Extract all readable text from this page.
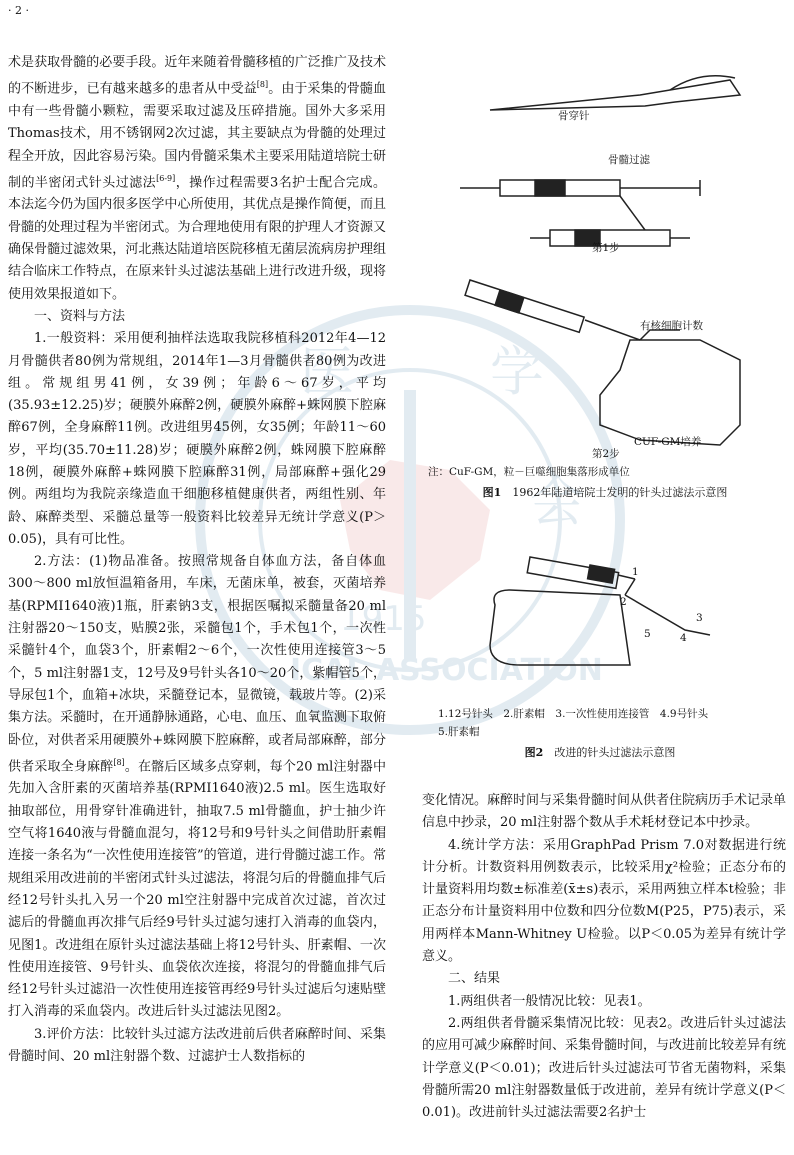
医	学
会
1915
ICAL ASSOCIATION
· 2 ·

术是获取骨髓的必要手段。近年来随着骨髓移植的广泛推广及技术的不断进步，已有越来越多的患者从中受益[8]。由于采集的骨髓血中有一些骨髓小颗粒，需要采取过滤及压碎措施。国外大多采用Thomas技术，用不锈钢网2次过滤，其主要缺点为骨髓的处理过程全开放，因此容易污染。国内骨髓采集术主要采用陆道培院士研制的半密闭式针头过滤法[6-9]，操作过程需要3名护士配合完成。本法迄今仍为国内很多医学中心所使用，其优点是操作简便，而且骨髓的处理过程为半密闭式。为合理地使用有限的护理人才资源又确保骨髓过滤效果，河北燕达陆道培医院移植无菌层流病房护理组结合临床工作特点，在原来针头过滤法基础上进行改进升级，现将使用效果报道如下。

一、资料与方法

1.一般资料：采用便利抽样法选取我院移植科2012年4—12月骨髓供者80例为常规组，2014年1—3月骨髓供者80例为改进组。常规组男41例，女39例；年龄6～67岁，平均(35.93±12.25)岁；硬膜外麻醉2例，硬膜外麻醉+蛛网膜下腔麻醉67例，全身麻醉11例。改进组男45例，女35例；年龄11～60岁，平均(35.70±11.28)岁；硬膜外麻醉2例，蛛网膜下腔麻醉18例，硬膜外麻醉+蛛网膜下腔麻醉31例，局部麻醉+强化29例。两组均为我院亲缘造血干细胞移植健康供者，两组性别、年龄、麻醉类型、采髓总量等一般资料比较差异无统计学意义(P＞0.05)，具有可比性。

2.方法：(1)物品准备。按照常规备自体血方法，备自体血300～800 ml放恒温箱备用，车床，无菌床单，被套，灭菌培养基(RPMI1640液)1瓶，肝素钠3支，根据医嘱拟采髓量备20 ml注射器20～150支，贴膜2张，采髓包1个，手术包1个，一次性采髓针4个，血袋3个，肝素帽2～6个，一次性使用连接管3～5个，5 ml注射器1支，12号及9号针头各10～20个，紫帽管5个，导尿包1个，血箱+冰块，采髓登记本，显微镜，载玻片等。(2)采集方法。采髓时，在开通静脉通路，心电、血压、血氧监测下取俯卧位，对供者采用硬膜外+蛛网膜下腔麻醉，或者局部麻醉，部分供者采取全身麻醉[8]。在髂后区域多点穿刺，每个20 ml注射器中先加入含肝素的灭菌培养基(RPMI1640液)2.5 ml。医生选取好抽取部位，用骨穿针准确进针，抽取7.5 ml骨髓血，护士抽少许空气将1640液与骨髓血混匀，将12号和9号针头之间借助肝素帽连接一条名为“一次性使用连接管”的管道，进行骨髓过滤工作。常规组采用改进前的半密闭式针头过滤法，将混匀后的骨髓血排气后经12号针头扎入另一个20 ml空注射器中完成首次过滤，首次过滤后的骨髓血再次排气后经9号针头过滤匀速打入消毒的血袋内，见图1。改进组在原针头过滤法基础上将12号针头、肝素帽、一次性使用连接管、9号针头、血袋依次连接，将混匀的骨髓血排气后经12号针头过滤沿一次性使用连接管再经9号针头过滤后匀速贴壁打入消毒的采血袋内。改进后针头过滤法见图2。

3.评价方法：比较针头过滤方法改进前后供者麻醉时间、采集骨髓时间、20 ml注射器个数、过滤护士人数指标的

骨穿针
骨髓过滤
第1步
有核细胞计数
CUF-GM培养
第2步
注：CuF-GM，粒－巨噬细胞集落形成单位
图1　 1962年陆道培院士发明的针头过滤法示意图
1
2
3
4
5
1.12号针头　2.肝素帽　3.一次性使用连接管　4.9号针头
5.肝素帽
图2　 改进的针头过滤法示意图

变化情况。麻醉时间与采集骨髓时间从供者住院病历手术记录单信息中抄录，20 ml注射器个数从手术耗材登记本中抄录。

4.统计学方法：采用GraphPad Prism 7.0对数据进行统计分析。计数资料用例数表示，比较采用χ²检验；正态分布的计量资料用均数±标准差(x̄±s)表示，采用两独立样本t检验；非正态分布计量资料用中位数和四分位数M(P25，P75)表示，采用两样本Mann-Whitney U检验。以P＜0.05为差异有统计学意义。

二、结果

1.两组供者一般情况比较：见表1。

2.两组供者骨髓采集情况比较：见表2。改进后针头过滤法的应用可减少麻醉时间、采集骨髓时间，与改进前比较差异有统计学意义(P＜0.01)；改进后针头过滤法可节省无菌物料，采集骨髓所需20 ml注射器数量低于改进前，差异有统计学意义(P＜0.01)。改进前针头过滤法需要2名护士
